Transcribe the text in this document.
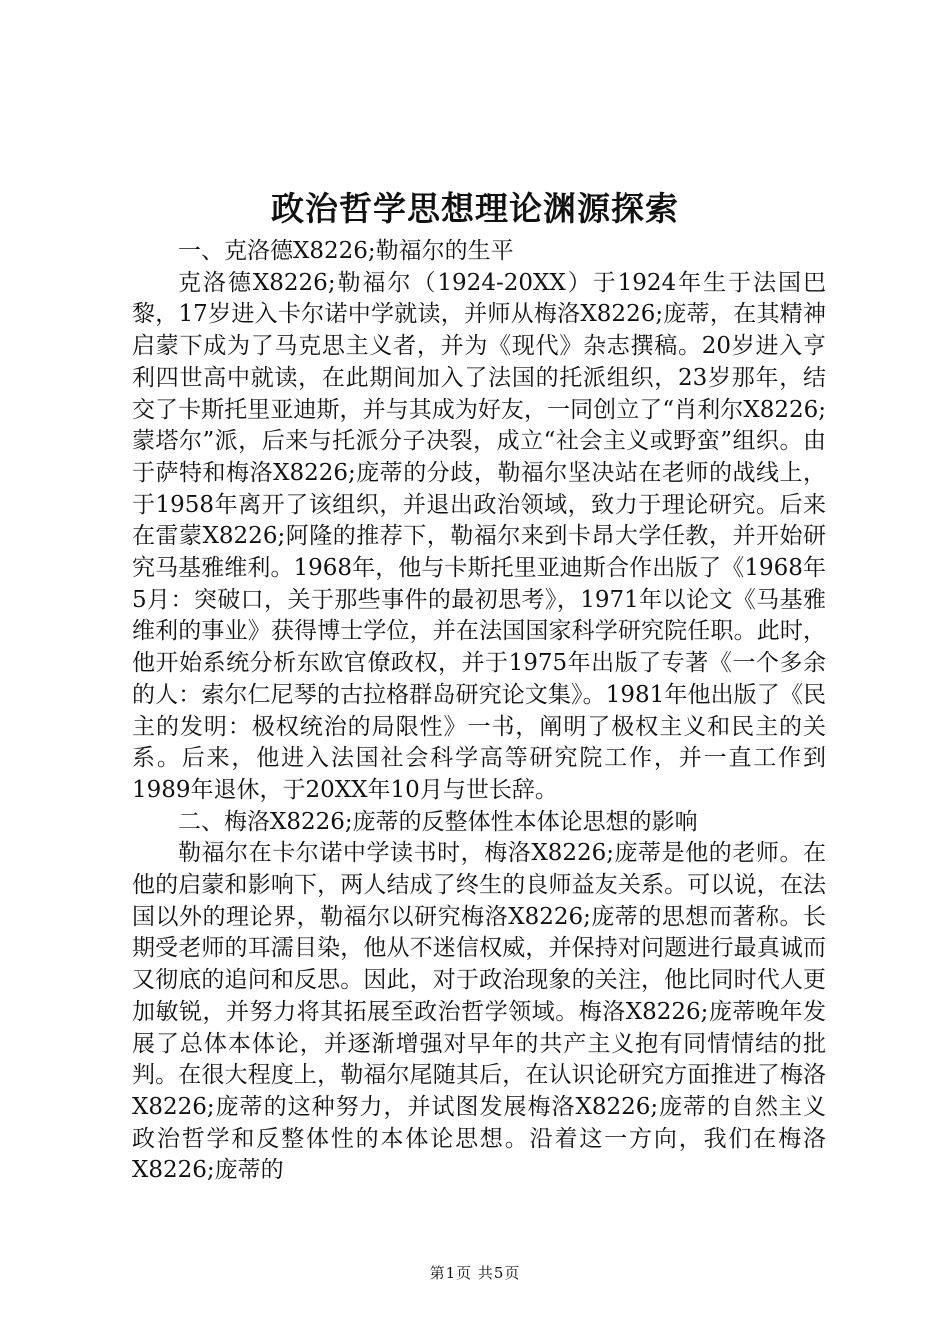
政治哲学思想理论渊源探索

一、克洛德X8226;勒福尔的生平

克洛德X8226;勒福尔（1924-20XX）于1924年生于法国巴黎，17岁进入卡尔诺中学就读，并师从梅洛X8226;庞蒂，在其精神启蒙下成为了马克思主义者，并为《现代》杂志撰稿。20岁进入亨利四世高中就读，在此期间加入了法国的托派组织，23岁那年，结交了卡斯托里亚迪斯，并与其成为好友，一同创立了“肖利尔X8226;蒙塔尔”派，后来与托派分子决裂，成立“社会主义或野蛮”组织。由于萨特和梅洛X8226;庞蒂的分歧，勒福尔坚决站在老师的战线上，于1958年离开了该组织，并退出政治领域，致力于理论研究。后来在雷蒙X8226;阿隆的推荐下，勒福尔来到卡昂大学任教，并开始研究马基雅维利。1968年，他与卡斯托里亚迪斯合作出版了《1968年5月：突破口，关于那些事件的最初思考》，1971年以论文《马基雅维利的事业》获得博士学位，并在法国国家科学研究院任职。此时，他开始系统分析东欧官僚政权，并于1975年出版了专著《一个多余的人：索尔仁尼琴的古拉格群岛研究论文集》。1981年他出版了《民主的发明：极权统治的局限性》一书，阐明了极权主义和民主的关系。后来，他进入法国社会科学高等研究院工作，并一直工作到1989年退休，于20XX年10月与世长辞。

二、梅洛X8226;庞蒂的反整体性本体论思想的影响

勒福尔在卡尔诺中学读书时，梅洛X8226;庞蒂是他的老师。在他的启蒙和影响下，两人结成了终生的良师益友关系。可以说，在法国以外的理论界，勒福尔以研究梅洛X8226;庞蒂的思想而著称。长期受老师的耳濡目染，他从不迷信权威，并保持对问题进行最真诚而又彻底的追问和反思。因此，对于政治现象的关注，他比同时代人更加敏锐，并努力将其拓展至政治哲学领域。梅洛X8226;庞蒂晚年发展了总体本体论，并逐渐增强对早年的共产主义抱有同情情结的批判。在很大程度上，勒福尔尾随其后，在认识论研究方面推进了梅洛X8226;庞蒂的这种努力，并试图发展梅洛X8226;庞蒂的自然主义政治哲学和反整体性的本体论思想。沿着这一方向，我们在梅洛X8226;庞蒂的

第1页 共5页
